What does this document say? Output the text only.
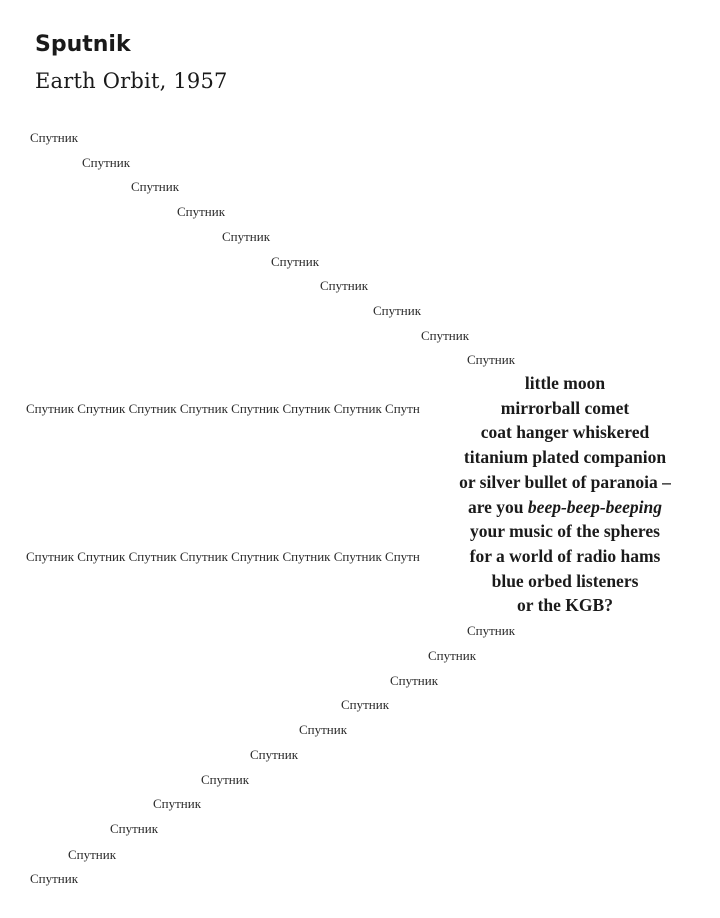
Sputnik
Earth Orbit, 1957
Спутник
Спутник
Спутник
Спутник
Спутник
Спутник
Спутник
Спутник
Спутник
Спутник
Спутник Спутник Спутник Спутник Спутник Спутник Спутник Спутн
Спутник Спутник Спутник Спутник Спутник Спутник Спутник Спутн
little moon
mirrorball comet
coat hanger whiskered
titanium plated companion
or silver bullet of paranoia –
are you beep-beep-beeping
your music of the spheres
for a world of radio hams
blue orbed listeners
or the KGB?
Спутник
Спутник
Спутник
Спутник
Спутник
Спутник
Спутник
Спутник
Спутник
Спутник
Спутник
